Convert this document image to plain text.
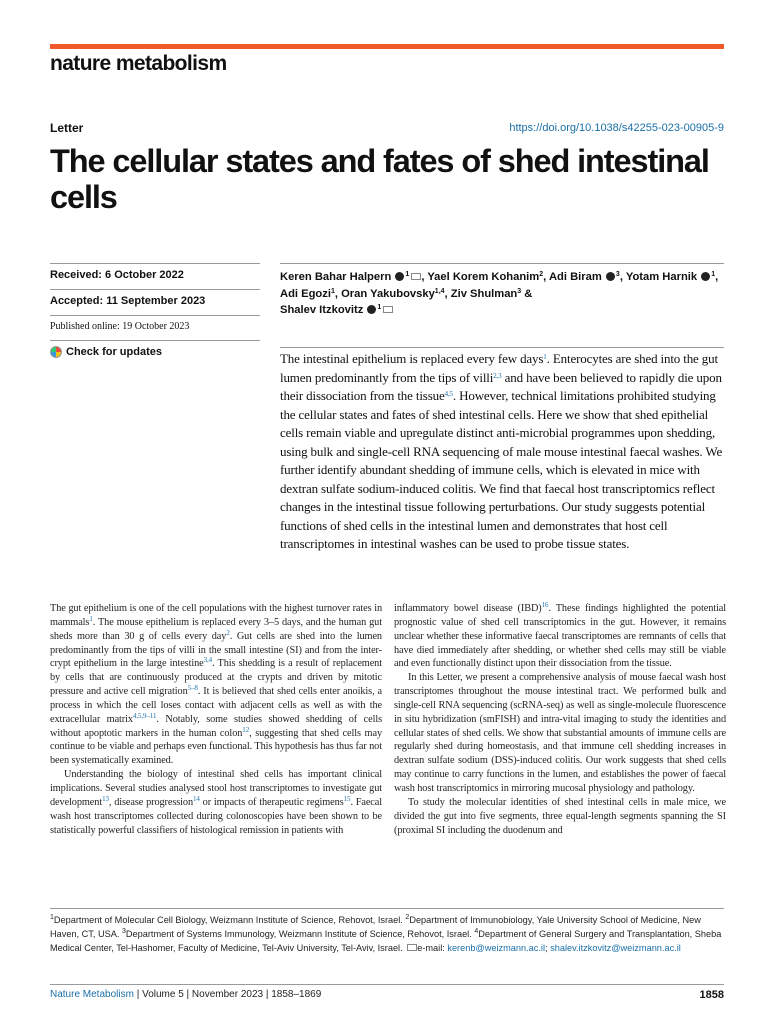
nature metabolism
Letter	https://doi.org/10.1038/s42255-023-00905-9
The cellular states and fates of shed intestinal cells
Received: 6 October 2022
Accepted: 11 September 2023
Published online: 19 October 2023
Check for updates
Keren Bahar Halpern $^1$ , Yael Korem Kohanim$^2$, Adi Biram $^3$, Yotam Harnik $^1$, Adi Egozi$^1$, Oran Yakubovsky$^{1,4}$, Ziv Shulman$^3$ &
Shalev Itzkovitz $^1$
The intestinal epithelium is replaced every few days$^1$. Enterocytes are shed into the gut lumen predominantly from the tips of villi$^{2,3}$ and have been believed to rapidly die upon their dissociation from the tissue$^{4,5}$. However, technical limitations prohibited studying the cellular states and fates of shed intestinal cells. Here we show that shed epithelial cells remain viable and upregulate distinct anti-microbial programmes upon shedding, using bulk and single-cell RNA sequencing of male mouse intestinal faecal washes. We further identify abundant shedding of immune cells, which is elevated in mice with dextran sulfate sodium-induced colitis. We find that faecal host transcriptomics reflect changes in the intestinal tissue following perturbations. Our study suggests potential functions of shed cells in the intestinal lumen and demonstrates that host cell transcriptomes in intestinal washes can be used to probe tissue states.

The gut epithelium is one of the cell populations with the highest turnover rates in mammals$^1$. The mouse epithelium is replaced every 3–5 days, and the human gut sheds more than 30 g of cells every day$^2$. Gut cells are shed into the lumen predominantly from the tips of villi in the small intestine (SI) and from the inter-crypt epithelium in the large intestine$^{3,4}$. This shedding is a result of replacement by cells that are continuously produced at the crypts and driven by mitotic pressure and active cell migration$^{5-8}$. It is believed that shed cells enter anoikis, a process in which the cell loses contact with adjacent cells as well as with the extracellular matrix$^{4,5,9-11}$. Notably, some studies showed shedding of cells without apoptotic markers in the human colon$^{12}$, suggesting that shed cells may continue to be viable and perhaps even functional. This hypothesis has thus far not been systematically examined.

Understanding the biology of intestinal shed cells has important clinical implications. Several studies analysed stool host transcriptomes to investigate gut development$^{13}$, disease progression$^{14}$ or impacts of therapeutic regimens$^{15}$. Faecal wash host transcriptomes collected during colonoscopies have been shown to be statistically powerful classifiers of histological remission in patients with

inflammatory bowel disease (IBD)$^{16}$. These findings highlighted the potential prognostic value of shed cell transcriptomics in the gut. However, it remains unclear whether these informative faecal transcriptomes are remnants of cells that have died immediately after shedding, or whether shed cells may still be viable and even functionally distinct upon their dissociation from the tissue.

In this Letter, we present a comprehensive analysis of mouse faecal wash host transcriptomes throughout the mouse intestinal tract. We performed bulk and single-cell RNA sequencing (scRNA-seq) as well as single-molecule fluorescence in situ hybridization (smFISH) and intra-vital imaging to study the identities and cellular states of shed cells. We show that substantial amounts of immune cells are regularly shed during homeostasis, and that immune cell shedding increases in dextran sulfate sodium (DSS)-induced colitis. Our work suggests that shed cells may continue to carry functions in the lumen, and establishes the power of faecal wash host transcriptomics in mirroring mucosal physiology and pathology.

To study the molecular identities of shed intestinal cells in male mice, we divided the gut into five segments, three equal-length segments spanning the SI (proximal SI including the duodenum and

$^1$Department of Molecular Cell Biology, Weizmann Institute of Science, Rehovot, Israel. $^2$Department of Immunobiology, Yale University School of Medicine, New Haven, CT, USA. $^3$Department of Systems Immunology, Weizmann Institute of Science, Rehovot, Israel. $^4$Department of General Surgery and Transplantation, Sheba Medical Center, Tel-Hashomer, Faculty of Medicine, Tel-Aviv University, Tel-Aviv, Israel. e-mail: kerenb@weizmann.ac.il; shalev.itzkovitz@weizmann.ac.il
Nature Metabolism | Volume 5 | November 2023 | 1858–1869	1858
